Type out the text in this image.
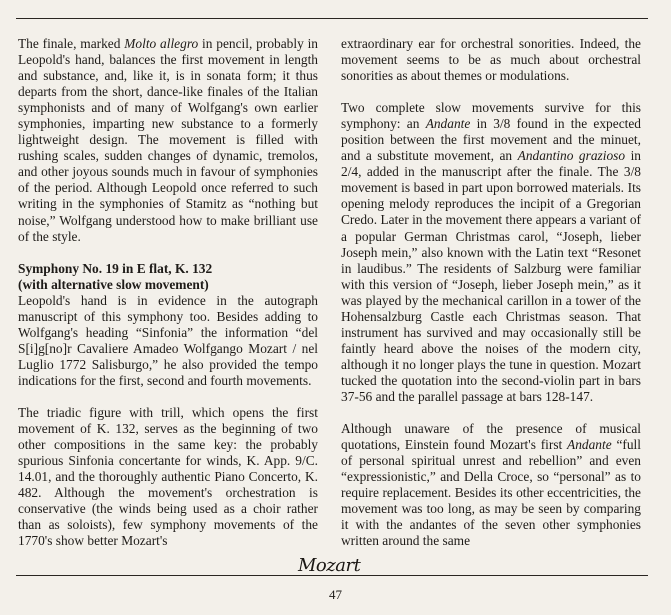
The finale, marked Molto allegro in pencil, probably in Leopold's hand, balances the first movement in length and substance, and, like it, is in sonata form; it thus departs from the short, dance-like finales of the Italian symphonists and of many of Wolfgang's own earlier symphonies, imparting new substance to a formerly lightweight design. The movement is filled with rushing scales, sudden changes of dynamic, tremolos, and other joyous sounds much in favour of symphonies of the period. Although Leopold once referred to such writing in the symphonies of Stamitz as “nothing but noise,” Wolfgang understood how to make brilliant use of the style.

Symphony No. 19 in E flat, K. 132
(with alternative slow movement)

Leopold's hand is in evidence in the autograph manuscript of this symphony too. Besides adding to Wolfgang's heading “Sinfonia” the information “del S[i]g[no]r Cavaliere Amadeo Wolfgango Mozart / nel Luglio 1772 Salisburgo,” he also provided the tempo indications for the first, second and fourth movements.

The triadic figure with trill, which opens the first movement of K. 132, serves as the beginning of two other compositions in the same key: the probably spurious Sinfonia concertante for winds, K. App. 9/C. 14.01, and the thoroughly authentic Piano Concerto, K. 482. Although the movement's orchestration is conservative (the winds being used as a choir rather than as soloists), few symphony movements of the 1770's show better Mozart's

extraordinary ear for orchestral sonorities. Indeed, the movement seems to be as much about orchestral sonorities as about themes or modulations.

Two complete slow movements survive for this symphony: an Andante in 3/8 found in the expected position between the first movement and the minuet, and a substitute movement, an Andantino grazioso in 2/4, added in the manuscript after the finale. The 3/8 movement is based in part upon borrowed materials. Its opening melody reproduces the incipit of a Gregorian Credo. Later in the movement there appears a variant of a popular German Christmas carol, “Joseph, lieber Joseph mein,” also known with the Latin text “Resonet in laudibus.” The residents of Salzburg were familiar with this version of “Joseph, lieber Joseph mein,” as it was played by the mechanical carillon in a tower of the Hohensalzburg Castle each Christmas season. That instrument has survived and may occasionally still be faintly heard above the noises of the modern city, although it no longer plays the tune in question. Mozart tucked the quotation into the second-violin part in bars 37-56 and the parallel passage at bars 128-147.

Although unaware of the presence of musical quotations, Einstein found Mozart's first Andante “full of personal spiritual unrest and rebellion” and even “expressionistic,” and Della Croce, so “personal” as to require replacement. Besides its other eccentricities, the movement was too long, as may be seen by comparing it with the andantes of the seven other symphonies written around the same

Mozart
47
